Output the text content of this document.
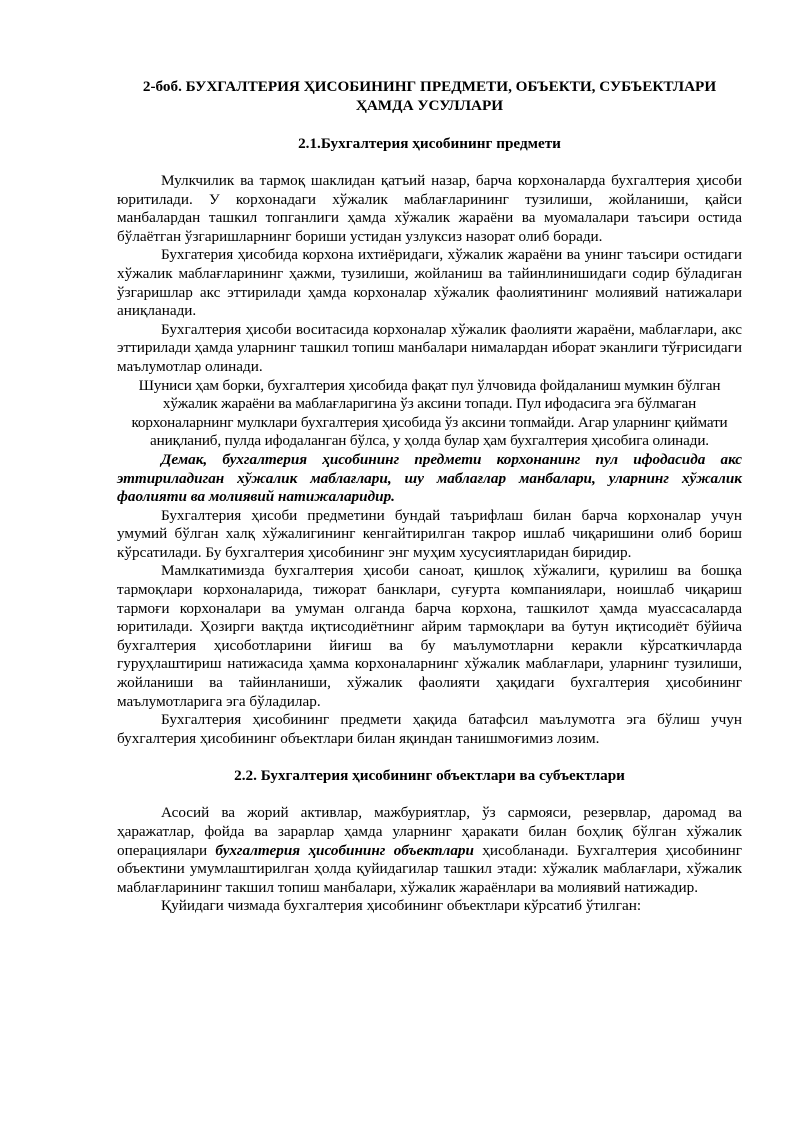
2-боб. БУХГАЛТЕРИЯ ҲИСОБИНИНГ ПРЕДМЕТИ, ОБЪЕКТИ, СУБЪЕКТЛАРИ ҲАМДА УСУЛЛАРИ
2.1.Бухгалтерия ҳисобининг предмети

Мулкчилик ва тармоқ шаклидан қатъий назар, барча корхоналарда бухгалтерия ҳисоби юритилади. У корхонадаги хўжалик маблағларининг тузилиши, жойланиши, қайси манбалардан ташкил топганлиги ҳамда хўжалик жараёни ва муомалалари таъсири остида бўлаётган ўзгаришларнинг бориши устидан узлуксиз назорат олиб боради.

Бухгатерия ҳисобида корхона ихтиёридаги, хўжалик жараёни ва унинг таъсири остидаги хўжалик маблағларининг ҳажми, тузилиши, жойланиш ва тайинлинишидаги содир бўладиган ўзгаришлар акс эттирилади ҳамда корхоналар хўжалик фаолиятининг молиявий натижалари аниқланади.

Бухгалтерия ҳисоби воситасида корхоналар хўжалик фаолияти жараёни, маблағлари, акс эттирилади ҳамда уларнинг ташкил топиш манбалари нималардан иборат эканлиги тўғрисидаги маълумотлар олинади.

Шуниси ҳам борки, бухгалтерия ҳисобида фақат пул ўлчовида фойдаланиш мумкин бўлган хўжалик жараёни ва маблағларигина ўз аксини топади. Пул ифодасига эга бўлмаган корхоналарнинг мулклари бухгалтерия ҳисобида ўз аксини топмайди. Агар уларнинг қиймати аниқланиб, пулда ифодаланган бўлса, у ҳолда булар ҳам бухгалтерия ҳисобига олинади.

Демак, бухгалтерия ҳисобининг предмети корхонанинг пул ифодасида акс эттириладиган хўжалик маблағлари, шу маблағлар манбалари, уларнинг хўжалик фаолияти ва молиявий натижаларидир.

Бухгалтерия ҳисоби предметини бундай таърифлаш билан барча корхоналар учун умумий бўлган халқ хўжалигининг кенгайтирилган такрор ишлаб чиқаришини олиб бориш кўрсатилади. Бу бухгалтерия ҳисобининг энг муҳим хусусиятларидан биридир.

Мамлкатимизда бухгалтерия ҳисоби саноат, қишлоқ хўжалиги, қурилиш ва бошқа тармоқлари корхоналарида, тижорат банклари, суғурта компаниялари, ноишлаб чиқариш тармоғи корхоналари ва умуман олганда барча корхона, ташкилот ҳамда муассасаларда юритилади. Ҳозирги вақтда иқтисодиётнинг айрим тармоқлари ва бутун иқтисодиёт бўйича бухгалтерия ҳисоботларини йиғиш ва бу маълумотларни керакли кўрсаткичларда гуруҳлаштириш натижасида ҳамма корхоналарнинг хўжалик маблағлари, уларнинг тузилиши, жойланиши ва тайинланиши, хўжалик фаолияти ҳақидаги бухгалтерия ҳисобининг маълумотларига эга бўладилар.

Бухгалтерия ҳисобининг предмети ҳақида батафсил маълумотга эга бўлиш учун бухгалтерия ҳисобининг объектлари билан яқиндан танишмоғимиз лозим.

2.2. Бухгалтерия ҳисобининг объектлари ва субъектлари

Асосий ва жорий активлар, мажбуриятлар, ўз сармояси, резервлар, даромад ва ҳаражатлар, фойда ва зарарлар ҳамда уларнинг ҳаракати билан боҳлиқ бўлган хўжалик операциялари бухгалтерия ҳисобининг объектлари ҳисобланади. Бухгалтерия ҳисобининг объектини умумлаштирилган ҳолда қуйидагилар ташкил этади: хўжалик маблағлари, хўжалик маблағларининг такшил топиш манбалари, хўжалик жараёнлари ва молиявий натижадир.

Қуйидаги чизмада бухгалтерия ҳисобининг объектлари кўрсатиб ўтилган:
